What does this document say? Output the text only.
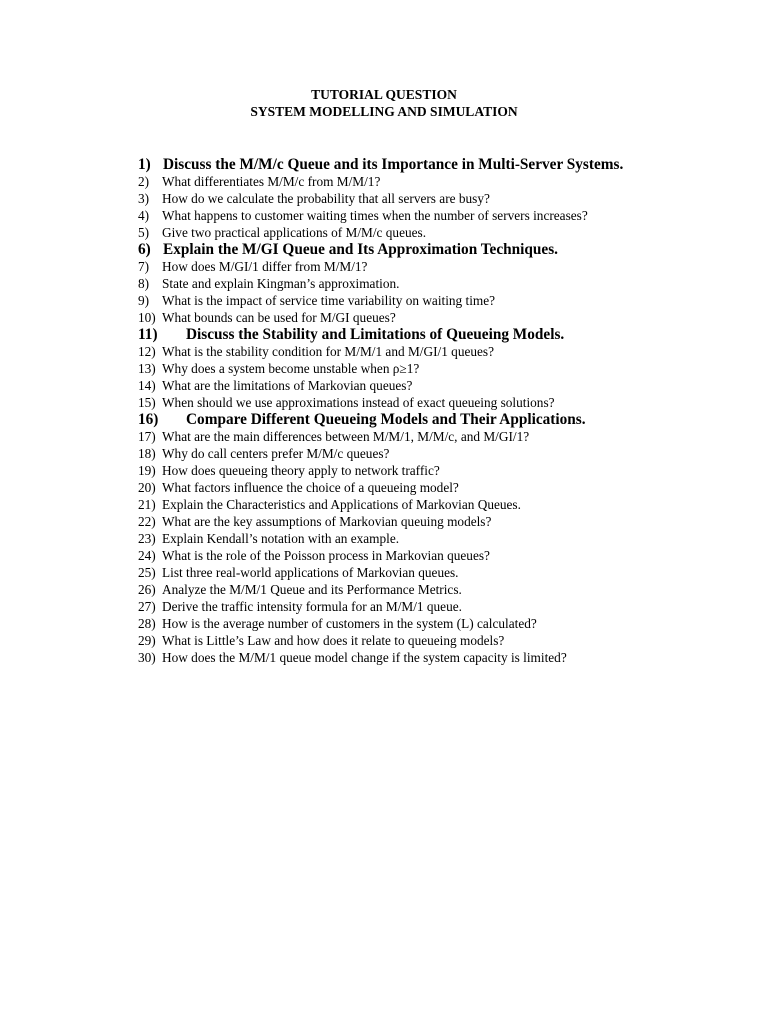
TUTORIAL QUESTION
SYSTEM MODELLING AND SIMULATION
1) Discuss the M/M/c Queue and its Importance in Multi-Server Systems.
2) What differentiates M/M/c from M/M/1?
3) How do we calculate the probability that all servers are busy?
4) What happens to customer waiting times when the number of servers increases?
5) Give two practical applications of M/M/c queues.
6) Explain the M/GI Queue and Its Approximation Techniques.
7) How does M/GI/1 differ from M/M/1?
8) State and explain Kingman’s approximation.
9) What is the impact of service time variability on waiting time?
10) What bounds can be used for M/GI queues?
11)	Discuss the Stability and Limitations of Queueing Models.
12) What is the stability condition for M/M/1 and M/GI/1 queues?
13) Why does a system become unstable when ρ≥1?
14) What are the limitations of Markovian queues?
15) When should we use approximations instead of exact queueing solutions?
16)	Compare Different Queueing Models and Their Applications.
17) What are the main differences between M/M/1, M/M/c, and M/GI/1?
18) Why do call centers prefer M/M/c queues?
19) How does queueing theory apply to network traffic?
20) What factors influence the choice of a queueing model?
21) Explain the Characteristics and Applications of Markovian Queues.
22) What are the key assumptions of Markovian queuing models?
23) Explain Kendall’s notation with an example.
24) What is the role of the Poisson process in Markovian queues?
25) List three real-world applications of Markovian queues.
26) Analyze the M/M/1 Queue and its Performance Metrics.
27) Derive the traffic intensity formula for an M/M/1 queue.
28) How is the average number of customers in the system (L) calculated?
29) What is Little’s Law and how does it relate to queueing models?
30) How does the M/M/1 queue model change if the system capacity is limited?
